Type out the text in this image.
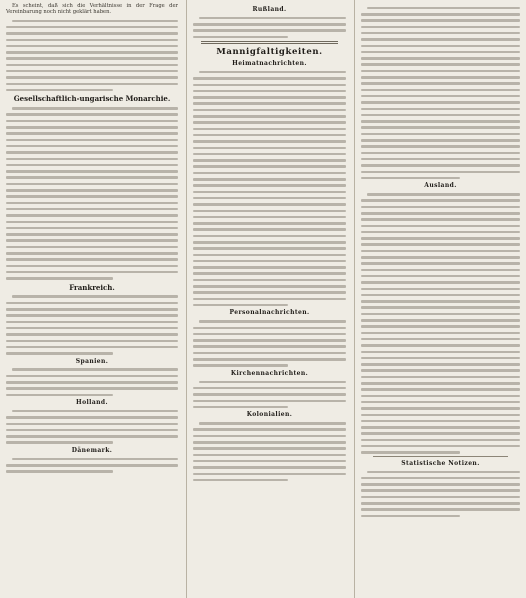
Es scheint, daß sich die Verhältnisse in der Frage der Vereinbarung noch nicht geklärt haben.

Gesellschaftlich-ungarische Monarchie.
Frankreich.
Spanien.
Holland.
Dänemark.
Rußland.
Mannigfaltigkeiten.
Heimatnachrichten.
Personalnachrichten.
Kirchennachrichten.
Kolonialien.
Ausland.
Statistische Notizen.
